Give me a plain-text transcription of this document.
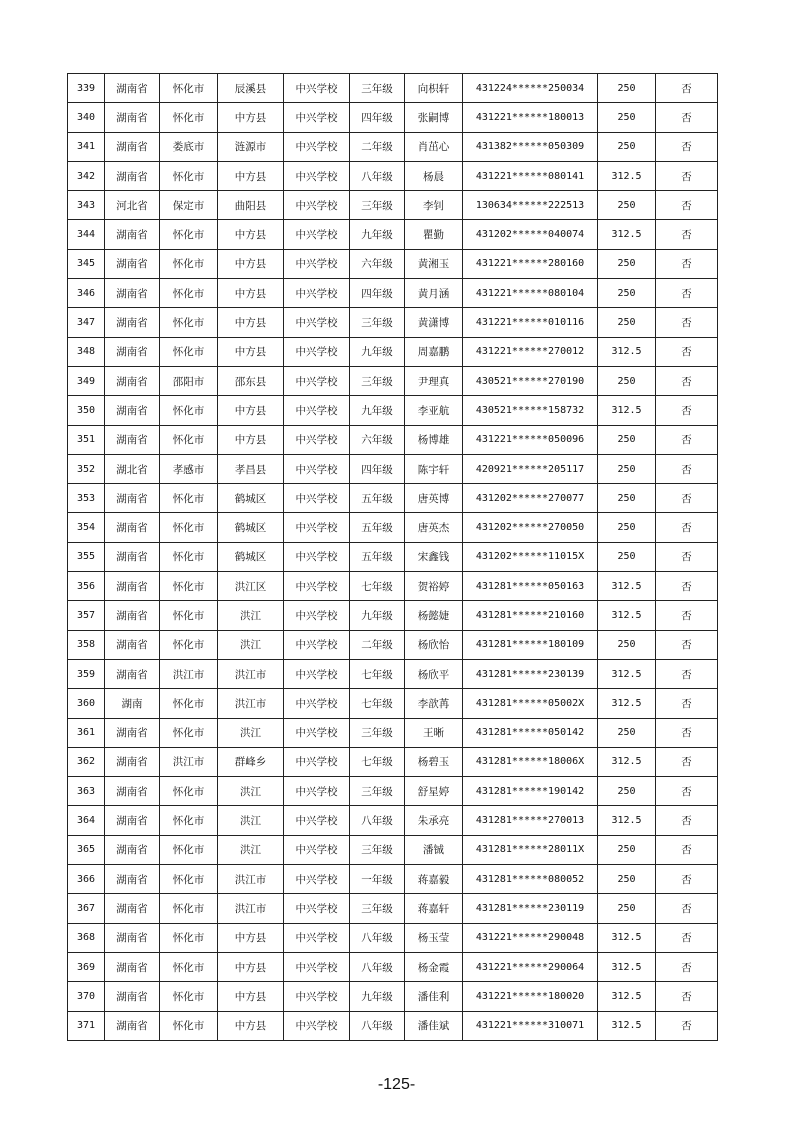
339	湖南省	怀化市	辰溪县	中兴学校	三年级	向枳轩	431224******250034	250	否
340	湖南省	怀化市	中方县	中兴学校	四年级	张嗣博	431221******180013	250	否
341	湖南省	娄底市	涟源市	中兴学校	二年级	肖茁心	431382******050309	250	否
342	湖南省	怀化市	中方县	中兴学校	八年级	杨晨	431221******080141	312.5	否
343	河北省	保定市	曲阳县	中兴学校	三年级	李钊	130634******222513	250	否
344	湖南省	怀化市	中方县	中兴学校	九年级	瞿勤	431202******040074	312.5	否
345	湖南省	怀化市	中方县	中兴学校	六年级	黄湘玉	431221******280160	250	否
346	湖南省	怀化市	中方县	中兴学校	四年级	黄月涵	431221******080104	250	否
347	湖南省	怀化市	中方县	中兴学校	三年级	黄潇博	431221******010116	250	否
348	湖南省	怀化市	中方县	中兴学校	九年级	周嘉鹏	431221******270012	312.5	否
349	湖南省	邵阳市	邵东县	中兴学校	三年级	尹理真	430521******270190	250	否
350	湖南省	怀化市	中方县	中兴学校	九年级	李亚航	430521******158732	312.5	否
351	湖南省	怀化市	中方县	中兴学校	六年级	杨博雄	431221******050096	250	否
352	湖北省	孝感市	孝昌县	中兴学校	四年级	陈宇轩	420921******205117	250	否
353	湖南省	怀化市	鹤城区	中兴学校	五年级	唐英博	431202******270077	250	否
354	湖南省	怀化市	鹤城区	中兴学校	五年级	唐英杰	431202******270050	250	否
355	湖南省	怀化市	鹤城区	中兴学校	五年级	宋鑫钱	431202******11015X	250	否
356	湖南省	怀化市	洪江区	中兴学校	七年级	贺裕婷	431281******050163	312.5	否
357	湖南省	怀化市	洪江	中兴学校	九年级	杨懿婕	431281******210160	312.5	否
358	湖南省	怀化市	洪江	中兴学校	二年级	杨欣怡	431281******180109	250	否
359	湖南省	洪江市	洪江市	中兴学校	七年级	杨欣平	431281******230139	312.5	否
360	湖南	怀化市	洪江市	中兴学校	七年级	李歆苒	431281******05002X	312.5	否
361	湖南省	怀化市	洪江	中兴学校	三年级	王晰	431281******050142	250	否
362	湖南省	洪江市	群峰乡	中兴学校	七年级	杨碧玉	431281******18006X	312.5	否
363	湖南省	怀化市	洪江	中兴学校	三年级	舒星婷	431281******190142	250	否
364	湖南省	怀化市	洪江	中兴学校	八年级	朱承亮	431281******270013	312.5	否
365	湖南省	怀化市	洪江	中兴学校	三年级	潘铖	431281******28011X	250	否
366	湖南省	怀化市	洪江市	中兴学校	一年级	蒋嘉毅	431281******080052	250	否
367	湖南省	怀化市	洪江市	中兴学校	三年级	蒋嘉轩	431281******230119	250	否
368	湖南省	怀化市	中方县	中兴学校	八年级	杨玉莹	431221******290048	312.5	否
369	湖南省	怀化市	中方县	中兴学校	八年级	杨金霞	431221******290064	312.5	否
370	湖南省	怀化市	中方县	中兴学校	九年级	潘佳利	431221******180020	312.5	否
371	湖南省	怀化市	中方县	中兴学校	八年级	潘佳斌	431221******310071	312.5	否
-125-
